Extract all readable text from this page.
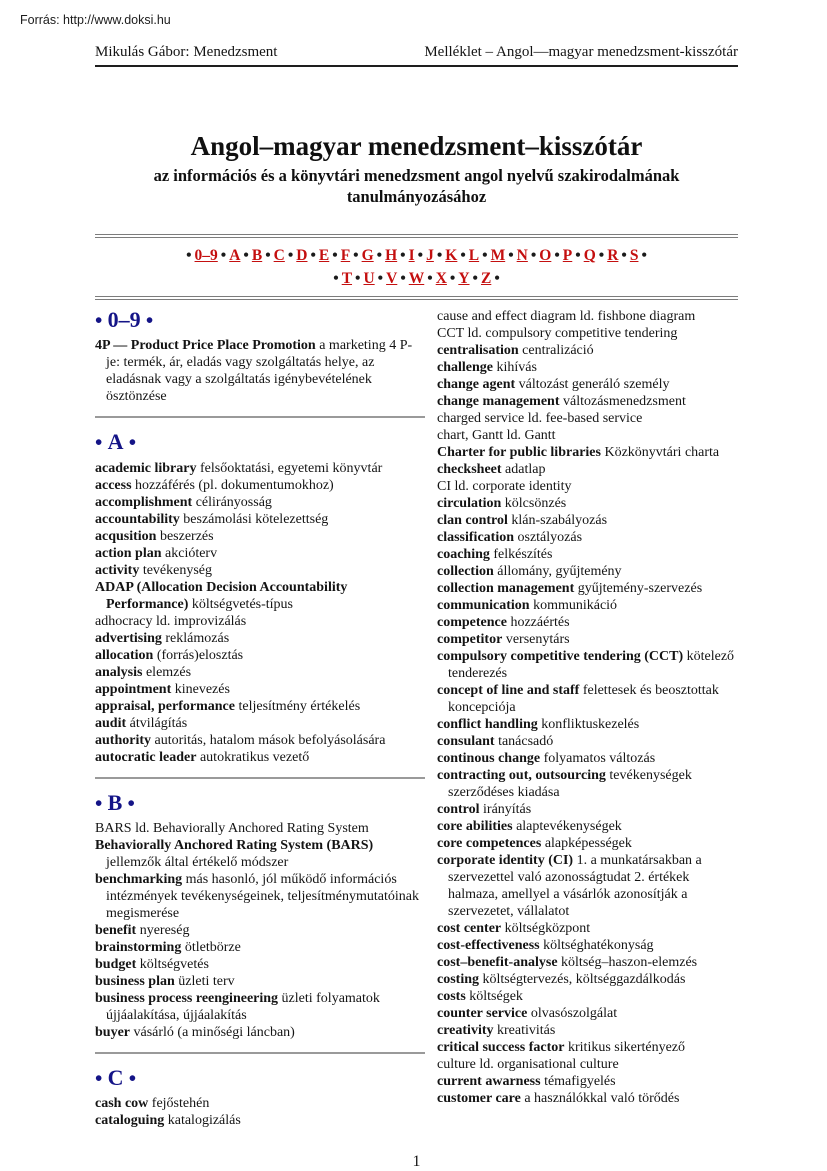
Forrás: http://www.doksi.hu
Mikulás Gábor: Menedzsment	Melléklet – Angol—magyar menedzsment-kisszótár
Angol–magyar menedzsment–kisszótár
az információs és a könyvtári menedzsment angol nyelvű szakirodalmának tanulmányozásához
• 0–9 • A • B • C • D • E • F • G • H • I • J • K • L • M • N • O • P • Q • R • S •
• T • U • V • W • X • Y • Z •
• 0–9 •

4P — Product Price Place Promotion a marketing 4 P-je: termék, ár, eladás vagy szolgáltatás helye, az eladásnak vagy a szolgáltatás igénybevételének ösztönzése

• A •

academic library felsőoktatási, egyetemi könyvtár

access hozzáférés (pl. dokumentumokhoz)

accomplishment célirányosság

accountability beszámolási kötelezettség

acqusition beszerzés

action plan akcióterv

activity tevékenység

ADAP (Allocation Decision Accountability Performance) költségvetés-típus

adhocracy ld. improvizálás

advertising reklámozás

allocation (forrás)elosztás

analysis elemzés

appointment kinevezés

appraisal, performance teljesítmény értékelés

audit átvilágítás

authority autoritás, hatalom mások befolyásolására

autocratic leader autokratikus vezető

• B •

BARS ld. Behaviorally Anchored Rating System

Behaviorally Anchored Rating System (BARS) jellemzők által értékelő módszer

benchmarking más hasonló, jól működő információs intézmények tevékenységeinek, teljesítménymutatóinak megismerése

benefit nyereség

brainstorming ötletbörze

budget költségvetés

business plan üzleti terv

business process reengineering üzleti folyamatok újjáalakítása, újjáalakítás

buyer vásárló (a minőségi láncban)

• C •

cash cow fejőstehén

cataloguing katalogizálás

cause and effect diagram ld. fishbone diagram

CCT ld. compulsory competitive tendering

centralisation centralizáció

challenge kihívás

change agent változást generáló személy

change management változásmenedzsment

charged service ld. fee-based service

chart, Gantt ld. Gantt

Charter for public libraries Közkönyvtári charta

checksheet adatlap

CI ld. corporate identity

circulation kölcsönzés

clan control klán-szabályozás

classification osztályozás

coaching felkészítés

collection állomány, gyűjtemény

collection management gyűjtemény-szervezés

communication kommunikáció

competence hozzáértés

competitor versenytárs

compulsory competitive tendering (CCT) kötelező tenderezés

concept of line and staff felettesek és beosztottak koncepciója

conflict handling konfliktuskezelés

consulant tanácsadó

continous change folyamatos változás

contracting out, outsourcing tevékenységek szerződéses kiadása

control irányítás

core abilities alaptevékenységek

core competences alapképességek

corporate identity (CI) 1. a munkatársakban a szervezettel való azonosságtudat 2. értékek halmaza, amellyel a vásárlók azonosítják a szervezetet, vállalatot

cost center költségközpont

cost-effectiveness költséghatékonyság

cost–benefit-analyse költség–haszon-elemzés

costing költségtervezés, költséggazdálkodás

costs költségek

counter service olvasószolgálat

creativity kreativitás

critical success factor kritikus sikertényező

culture ld. organisational culture

current awarness témafigyelés

customer care a használókkal való törődés

1
